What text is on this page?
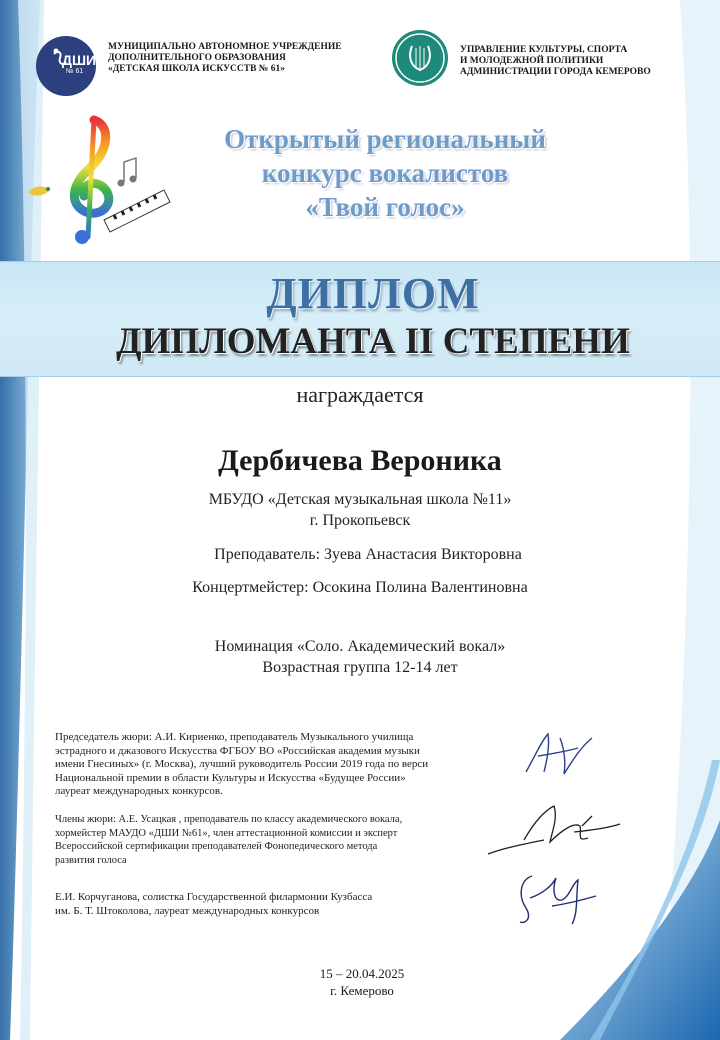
ДШИ
№ 61
МУНИЦИПАЛЬНО АВТОНОМНОЕ УЧРЕЖДЕНИЕ
ДОПОЛНИТЕЛЬНОГО ОБРАЗОВАНИЯ
«ДЕТСКАЯ ШКОЛА ИСКУССТВ № 61»
УПРАВЛЕНИЕ КУЛЬТУРЫ, СПОРТА
И МОЛОДЕЖНОЙ ПОЛИТИКИ
АДМИНИСТРАЦИИ ГОРОДА КЕМЕРОВО
Открытый региональный
конкурс вокалистов
«Твой голос»
ДИПЛОМ
ДИПЛОМАНТА II СТЕПЕНИ
награждается
Дербичева Вероника
МБУДО «Детская музыкальная школа №11»
г. Прокопьевск
Преподаватель: Зуева Анастасия Викторовна
Концертмейстер: Осокина Полина Валентиновна
Номинация «Соло. Академический вокал»
Возрастная группа 12-14 лет
Председатель жюри: А.И. Кириенко, преподаватель Музыкального училища
эстрадного и джазового Искусства ФГБОУ ВО «Российская академия музыки
имени Гнесиных» (г. Москва), лучший руководитель России 2019 года по верси
Национальной премии в области Культуры и Искусства «Будущее России»
лауреат международных конкурсов.
Члены жюри: А.Е. Усацкая , преподаватель по классу академического вокала,
хормейстер МАУДО «ДШИ №61», член аттестационной комиссии и эксперт
Всероссийской сертификации преподавателей Фонопедического метода
развития голоса
Е.И. Корчуганова, солистка Государственной филармонии Кузбасса
им. Б. Т. Штоколова, лауреат международных конкурсов
15 – 20.04.2025
г. Кемерово
